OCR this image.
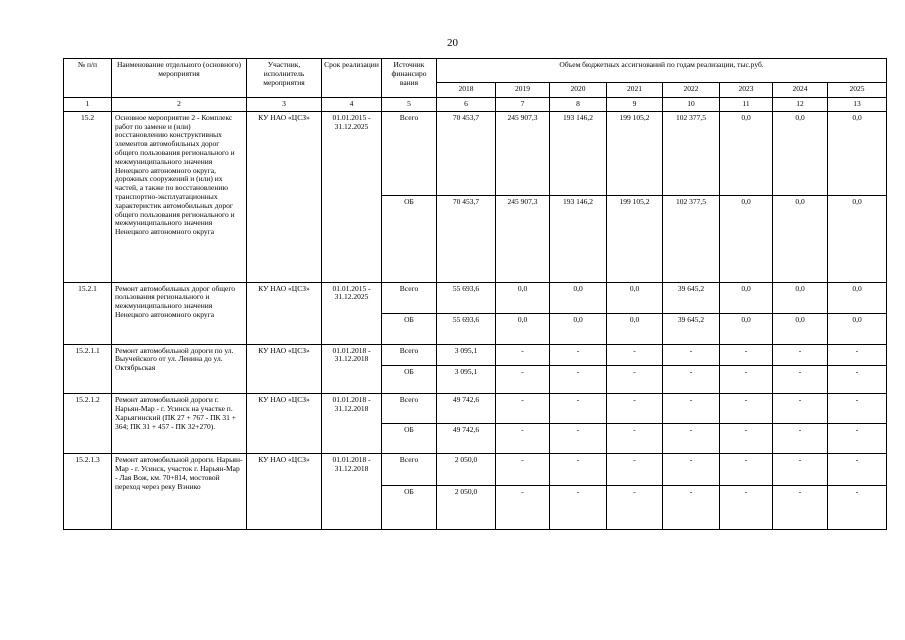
20
№ п/п	Наименование отдельного (основного) мероприятия	Участник, исполнитель мероприятия	Срок реализации	Источник финансиро вания	Объем бюджетных ассигнований по годам реализации, тыс.руб.							
					2018	2019	2020	2021	2022	2023	2024	2025
1	2	3	4	5	6	7	8	9	10	11	12	13
15.2	Основное мероприятие 2 - Комплекс работ по замене и (или) восстановлению конструктивных элементов автомобильных дорог общего пользования регионального и межмуниципального значения Ненецкого автономного округа, дорожных сооружений и (или) их частей, а также по восстановлению транспортно-эксплуатационных характеристик автомобильных дорог общего пользования регионального и межмуниципального значения Ненецкого автономного округа	КУ НАО «ЦСЗ»	01.01.2015 - 31.12.2025	Всего	70 453,7	245 907,3	193 146,2	199 105,2	102 377,5	0,0	0,0	0,0
				ОБ	70 453,7	245 907,3	193 146,2	199 105,2	102 377,5	0,0	0,0	0,0
15.2.1	Ремонт автомобильных дорог общего пользования регионального и межмуниципального значения Ненецкого автономного округа	КУ НАО «ЦСЗ»	01.01.2015 - 31.12.2025	Всего	55 693,6	0,0	0,0	0,0	39 645,2	0,0	0,0	0,0
				ОБ	55 693,6	0,0	0,0	0,0	39 645,2	0,0	0,0	0,0
15.2.1.1	Ремонт автомобильной дороги по ул. Выучейского от ул. Ленина до ул. Октябрьская	КУ НАО «ЦСЗ»	01.01.2018 - 31.12.2018	Всего	3 095,1	-	-	-	-	-	-	-
				ОБ	3 095,1	-	-	-	-	-	-	-
15.2.1.2	Ремонт автомобильной дороги г. Нарьян-Мар - г. Усинск на участке п. Харьягинский (ПК 27 + 767 - ПК 31 + 364; ПК 31 + 457 - ПК 32+270).	КУ НАО «ЦСЗ»	01.01.2018 - 31.12.2018	Всего	49 742,6	-	-	-	-	-	-	-
				ОБ	49 742,6	-	-	-	-	-	-	-
15.2.1.3	Ремонт автомобильной дороги. Нарьян-Мар - г. Усинск, участок г. Нарьян-Мар - Лая Вож, км. 70+814, мостовой переход через реку Вэнико	КУ НАО «ЦСЗ»	01.01.2018 - 31.12.2018	Всего	2 050,0	-	-	-	-	-	-	-
				ОБ	2 050,0	-	-	-	-	-	-	-
